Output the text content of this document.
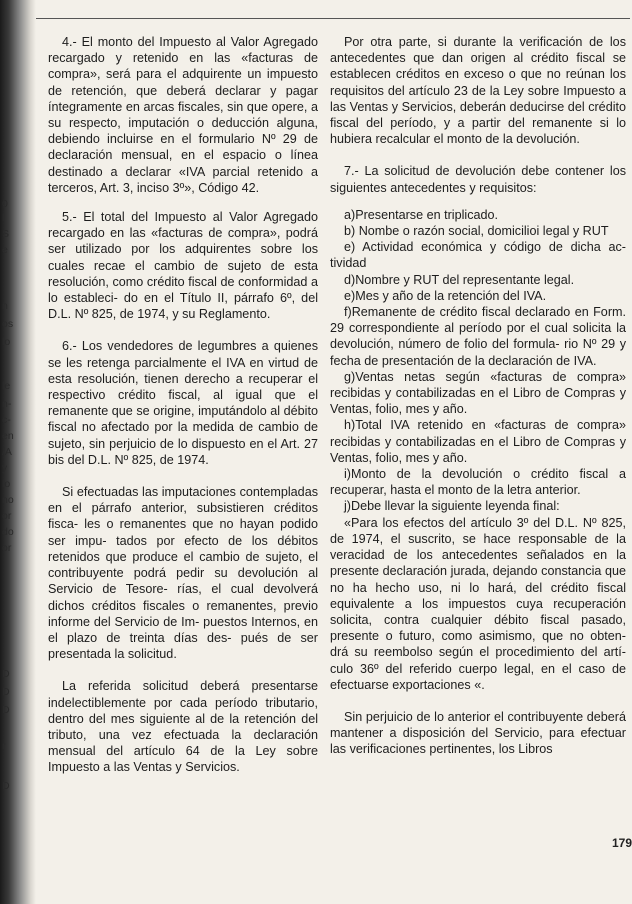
0
l
S
e
n
os
lo
le
n-
c-
en
/A
y
lo
no
or
do
or
D
D
D
r
D

4.- El monto del Impuesto al Valor Agregado recargado y retenido en las «facturas de compra», será para el adquirente un impuesto de retención, que deberá declarar y pagar íntegramente en arcas fiscales, sin que opere, a su respecto, imputación o deducción alguna, debiendo incluirse en el formulario Nº 29 de declaración mensual, en el espacio o línea destinado a declarar «IVA parcial retenido a terceros, Art. 3, inciso 3º», Código 42.

5.- El total del Impuesto al Valor Agregado recargado en las «facturas de compra», podrá ser utilizado por los adquirentes sobre los cuales recae el cambio de sujeto de esta resolución, como crédito fiscal de conformidad a lo estableci- do en el Título II, párrafo 6º, del D.L. Nº 825, de 1974, y su Reglamento.

6.- Los vendedores de legumbres a quienes se les retenga parcialmente el IVA en virtud de esta resolución, tienen derecho a recuperar el respectivo crédito fiscal, al igual que el remanente que se origine, imputándolo al débito fiscal no afectado por la medida de cambio de sujeto, sin perjuicio de lo dispuesto en el Art. 27 bis del D.L. Nº 825, de 1974.

Si efectuadas las imputaciones contempladas en el párrafo anterior, subsistieren créditos fisca- les o remanentes que no hayan podido ser impu- tados por efecto de los débitos retenidos que produce el cambio de sujeto, el contribuyente podrá pedir su devolución al Servicio de Tesore- rías, el cual devolverá dichos créditos fiscales o remanentes, previo informe del Servicio de Im- puestos Internos, en el plazo de treinta días des- pués de ser presentada la solicitud.

La referida solicitud deberá presentarse indelectiblemente por cada período tributario, dentro del mes siguiente al de la retención del tributo, una vez efectuada la declaración mensual del artículo 64 de la Ley sobre Impuesto a las Ventas y Servicios.

Por otra parte, si durante la verificación de los antecedentes que dan origen al crédito fiscal se establecen créditos en exceso o que no reúnan los requisitos del artículo 23 de la Ley sobre Impuesto a las Ventas y Servicios, deberán deducirse del crédito fiscal del período, y a partir del remanente si lo hubiera recalcular el monto de la devolución.

7.- La solicitud de devolución debe contener los siguientes antecedentes y requisitos:

a)Presentarse en triplicado.

b) Nombe o razón social, domicilioi legal y RUT

e) Actividad económica y código de dicha ac- tividad

d)Nombre y RUT del representante legal.

e)Mes y año de la retención del IVA.

f)Remanente de crédito fiscal declarado en Form. 29 correspondiente al período por el cual solicita la devolución, número de folio del formula- rio Nº 29 y fecha de presentación de la declaración de IVA.

g)Ventas netas según «facturas de compra» recibidas y contabilizadas en el Libro de Compras y Ventas, folio, mes y año.

h)Total IVA retenido en «facturas de compra» recibidas y contabilizadas en el Libro de Compras y Ventas, folio, mes y año.

i)Monto de la devolución o crédito fiscal a recuperar, hasta el monto de la letra anterior.

j)Debe llevar la siguiente leyenda final:

«Para los efectos del artículo 3º del D.L. Nº 825, de 1974, el suscrito, se hace responsable de la veracidad de los antecedentes señalados en la presente declaración jurada, dejando constancia que no ha hecho uso, ni lo hará, del crédito fiscal equivalente a los impuestos cuya recuperación solicita, contra cualquier débito fiscal pasado, presente o futuro, como asimismo, que no obten- drá su reembolso según el procedimiento del artí- culo 36º del referido cuerpo legal, en el caso de efectuarse exportaciones «.

Sin perjuicio de lo anterior el contribuyente deberá mantener a disposición del Servicio, para efectuar las verificaciones pertinentes, los Libros

179
